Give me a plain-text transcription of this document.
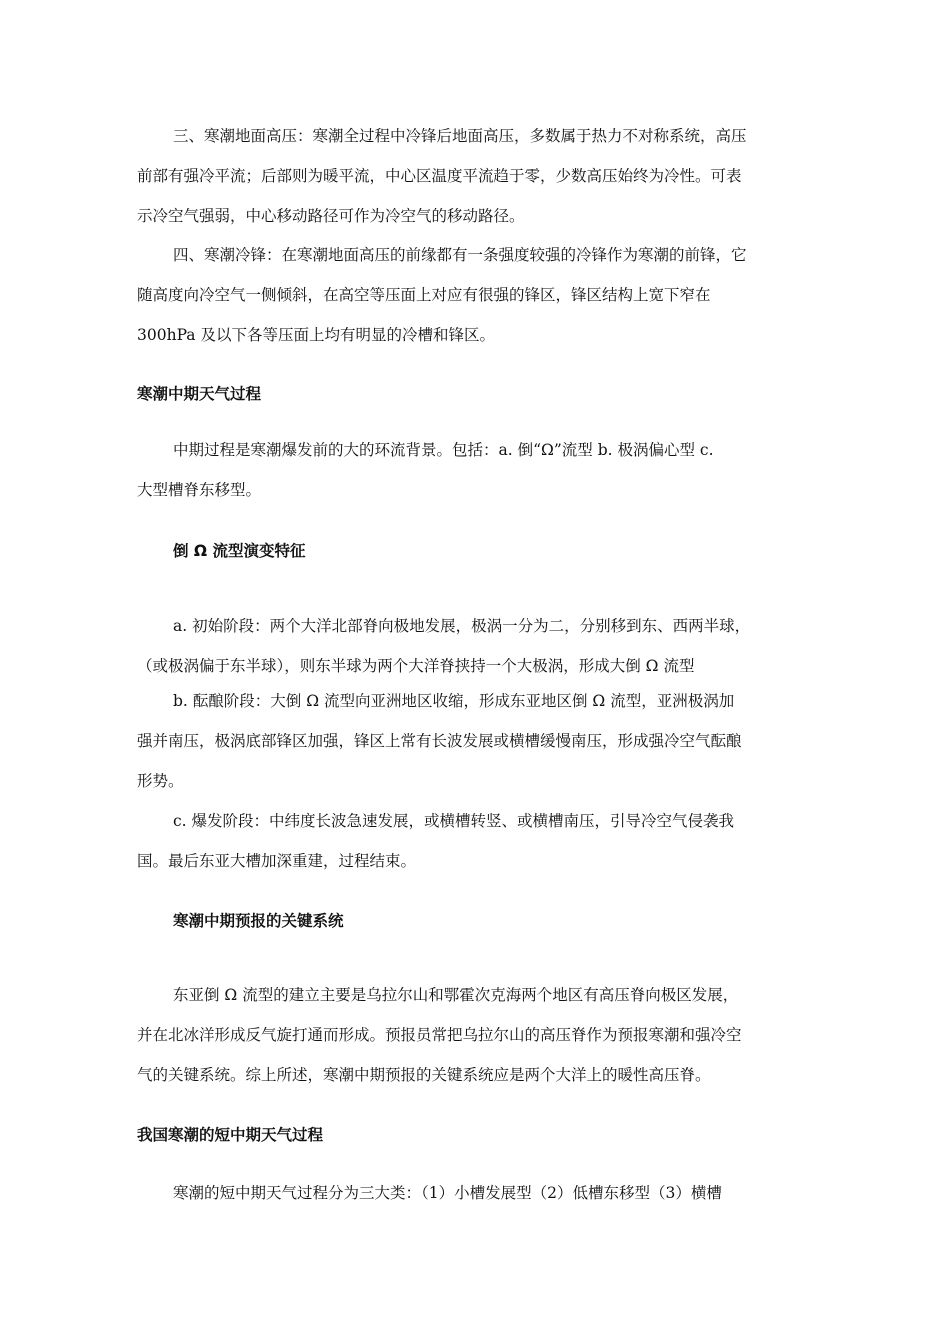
三、寒潮地面高压：寒潮全过程中冷锋后地面高压，多数属于热力不对称系统，高压
前部有强冷平流；后部则为暖平流，中心区温度平流趋于零，少数高压始终为冷性。可表
示冷空气强弱，中心移动路径可作为冷空气的移动路径。
四、寒潮冷锋：在寒潮地面高压的前缘都有一条强度较强的冷锋作为寒潮的前锋，它
随高度向冷空气一侧倾斜，在高空等压面上对应有很强的锋区，锋区结构上宽下窄在
300hPa 及以下各等压面上均有明显的冷槽和锋区。
寒潮中期天气过程
中期过程是寒潮爆发前的大的环流背景。包括：a. 倒“Ω”流型 b. 极涡偏心型 c.
大型槽脊东移型。
倒 Ω 流型演变特征
a. 初始阶段：两个大洋北部脊向极地发展，极涡一分为二，分别移到东、西两半球，
（或极涡偏于东半球），则东半球为两个大洋脊挟持一个大极涡，形成大倒 Ω 流型
b. 酝酿阶段：大倒 Ω 流型向亚洲地区收缩，形成东亚地区倒 Ω 流型，亚洲极涡加
强并南压，极涡底部锋区加强，锋区上常有长波发展或横槽缓慢南压，形成强冷空气酝酿
形势。
c. 爆发阶段：中纬度长波急速发展，或横槽转竖、或横槽南压，引导冷空气侵袭我
国。最后东亚大槽加深重建，过程结束。
寒潮中期预报的关键系统
东亚倒 Ω 流型的建立主要是乌拉尔山和鄂霍次克海两个地区有高压脊向极区发展，
并在北冰洋形成反气旋打通而形成。预报员常把乌拉尔山的高压脊作为预报寒潮和强冷空
气的关键系统。综上所述，寒潮中期预报的关键系统应是两个大洋上的暖性高压脊。
我国寒潮的短中期天气过程
寒潮的短中期天气过程分为三大类：（1）小槽发展型（2）低槽东移型（3）横槽
